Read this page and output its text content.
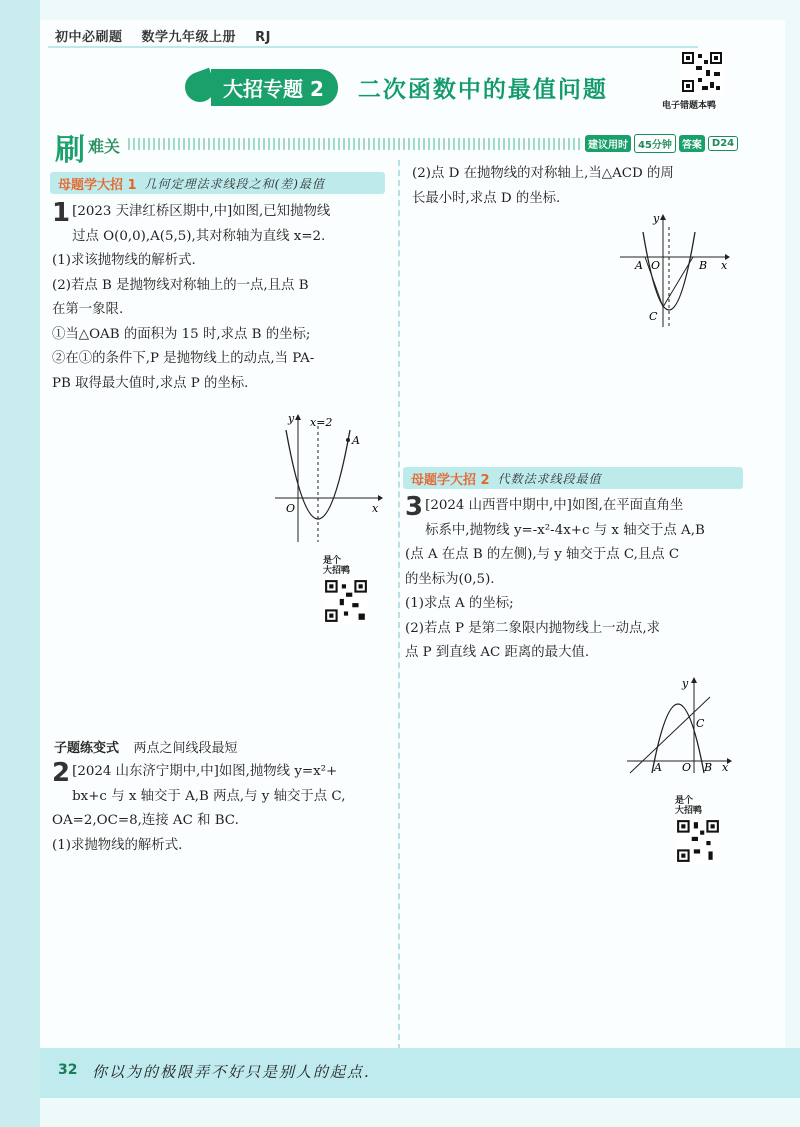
初中必刷题 数学九年级上册 RJ
大招专题 2	二次函数中的最值问题
电子错题本鸭
刷 难关	建议用时	45分钟	答案	D24
母题学大招 1 几何定理法求线段之和(差)最值
1 [2023 天津红桥区期中,中]如图,已知抛物线
过点 O(0,0),A(5,5),其对称轴为直线 x=2.
(1)求该抛物线的解析式.
(2)若点 B 是抛物线对称轴上的一点,且点 B
在第一象限.
①当△OAB 的面积为 15 时,求点 B 的坐标;
②在①的条件下,P 是抛物线上的动点,当 PA-
PB 取得最大值时,求点 P 的坐标.
y x=2
A
O	x
是个
大招鸭
子题练变式 两点之间线段最短
2 [2024 山东济宁期中,中]如图,抛物线 y=x²+
bx+c 与 x 轴交于 A,B 两点,与 y 轴交于点 C,
OA=2,OC=8,连接 AC 和 BC.
(1)求抛物线的解析式.
(2)点 D 在抛物线的对称轴上,当△ACD 的周
长最小时,求点 D 的坐标.
y
A O	B x
C
母题学大招 2 代数法求线段最值
3 [2024 山西晋中期中,中]如图,在平面直角坐
标系中,抛物线 y=-x²-4x+c 与 x 轴交于点 A,B
(点 A 在点 B 的左侧),与 y 轴交于点 C,且点 C
的坐标为(0,5).
(1)求点 A 的坐标;
(2)若点 P 是第二象限内抛物线上一动点,求
点 P 到直线 AC 距离的最大值.
y
C
A O B x
是个
大招鸭
32 你以为的极限弄不好只是别人的起点.
